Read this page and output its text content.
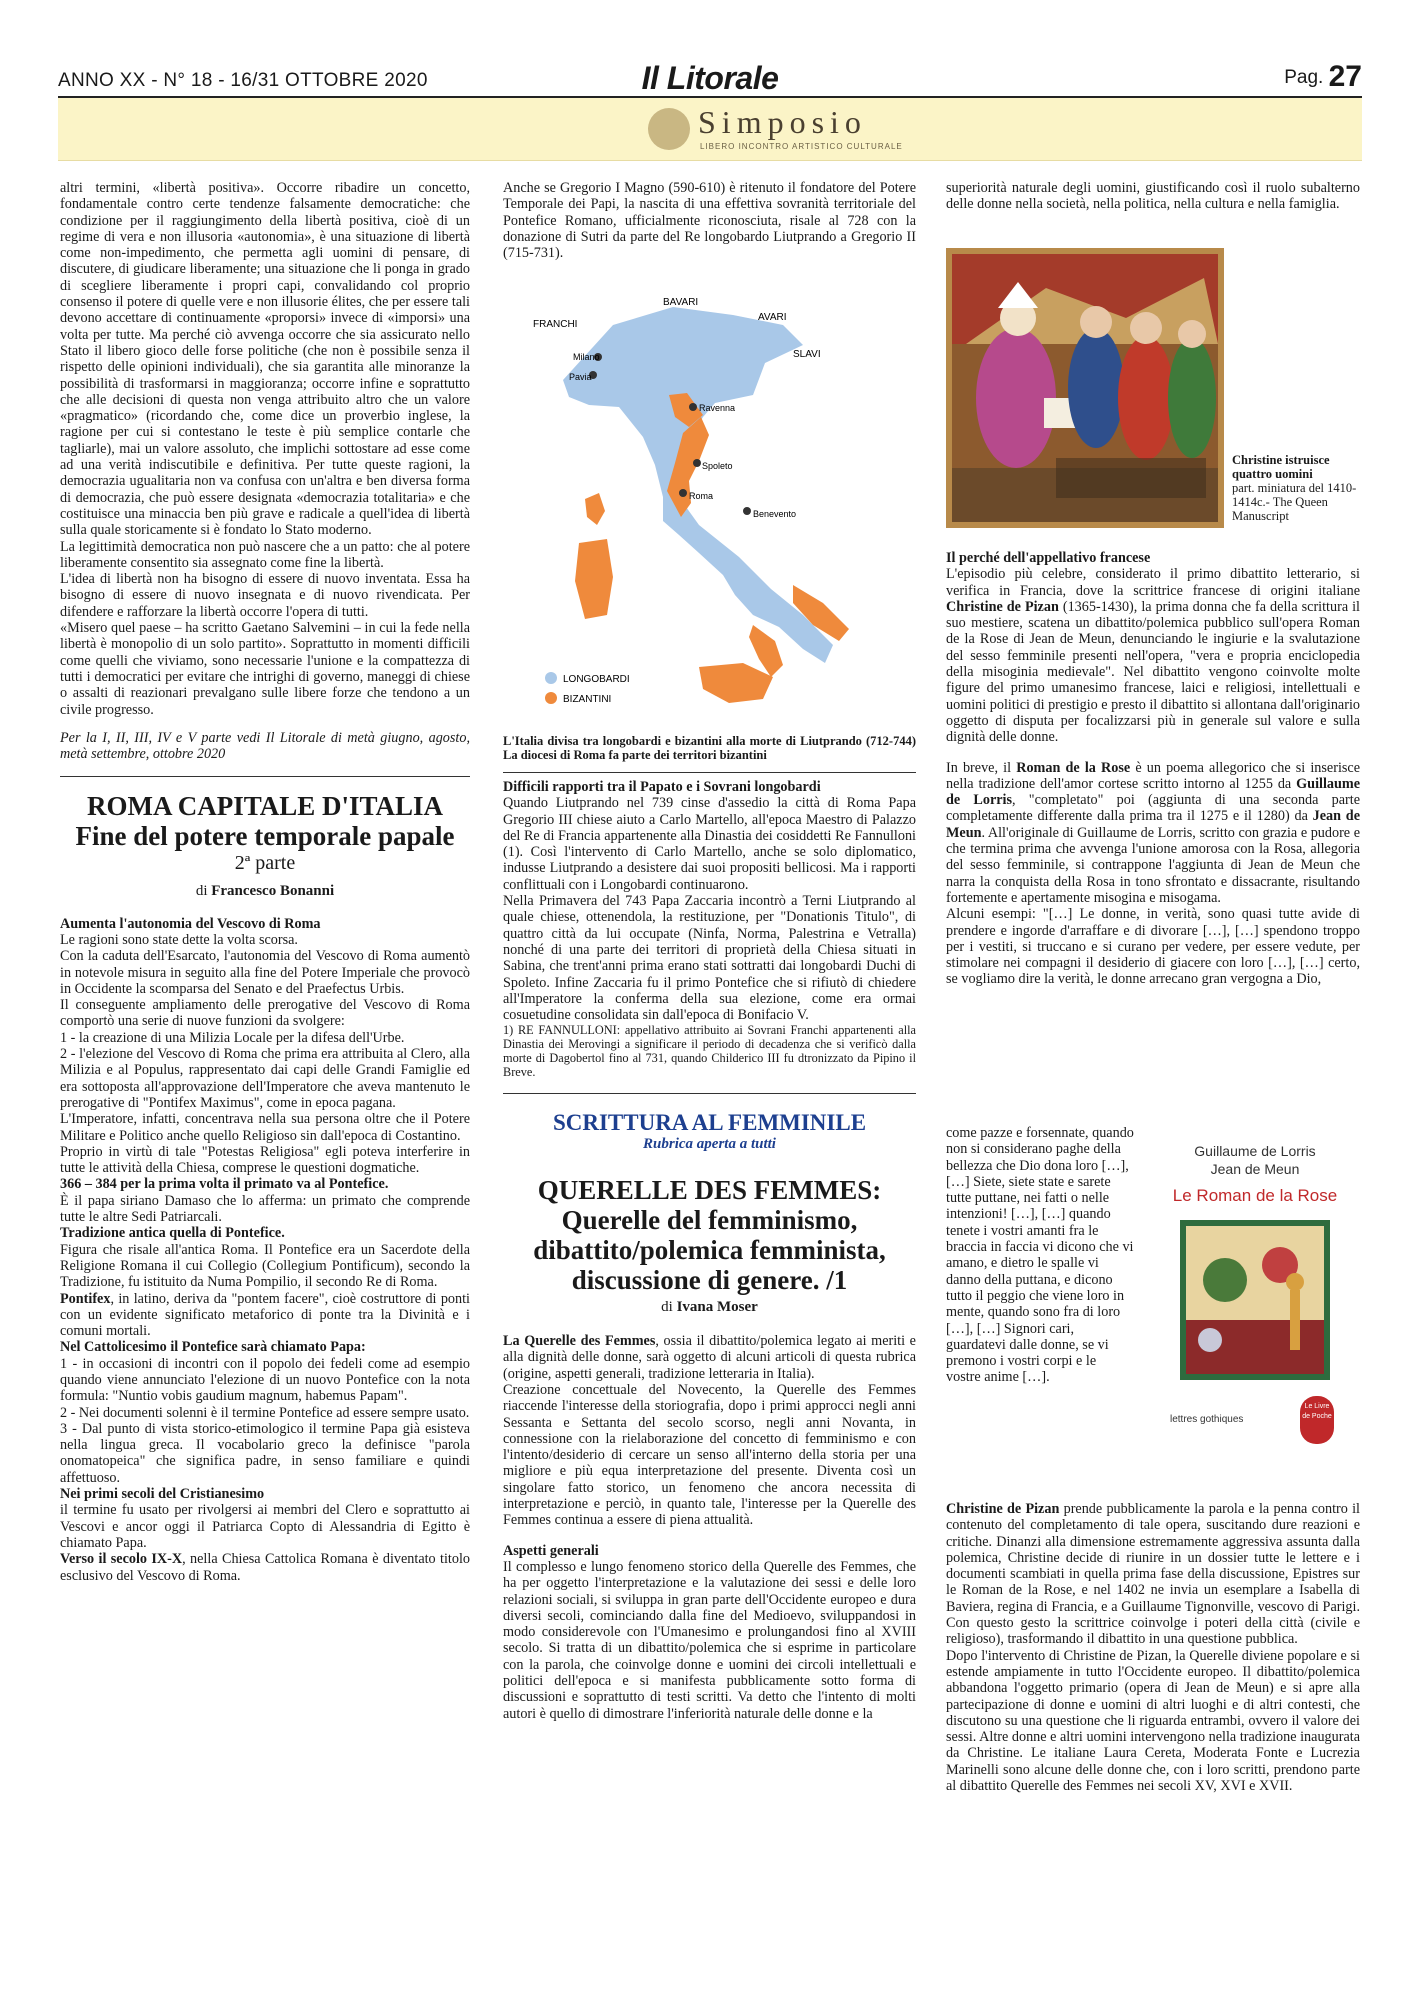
ANNO XX - N° 18 - 16/31 OTTOBRE 2020	Il Litorale	Pag. 27
Simposio
LIBERO INCONTRO ARTISTICO CULTURALE

altri termini, «libertà positiva». Occorre ribadire un concetto, fondamentale contro certe tendenze falsamente democratiche: che condizione per il raggiungimento della libertà positiva, cioè di un regime di vera e non illusoria «autonomia», è una situazione di libertà come non-impedimento, che permetta agli uomini di pensare, di discutere, di giudicare liberamente; una situazione che li ponga in grado di scegliere liberamente i propri capi, convalidando col proprio consenso il potere di quelle vere e non illusorie élites, che per essere tali devono accettare di continuamente «proporsi» invece di «imporsi» una volta per tutte. Ma perché ciò avvenga occorre che sia assicurato nello Stato il libero gioco delle forse politiche (che non è possibile senza il rispetto delle opinioni individuali), che sia garantita alle minoranze la possibilità di trasformarsi in maggioranza; occorre infine e soprattutto che alle decisioni di questa non venga attribuito altro che un valore «pragmatico» (ricordando che, come dice un proverbio inglese, la ragione per cui si contestano le teste è più semplice contarle che tagliarle), mai un valore assoluto, che implichi sottostare ad esse come ad una verità indiscutibile e definitiva. Per tutte queste ragioni, la democrazia ugualitaria non va confusa con un'altra e ben diversa forma di democrazia, che può essere designata «democrazia totalitaria» e che costituisce una minaccia ben più grave e radicale a quell'idea di libertà sulla quale storicamente si è fondato lo Stato moderno.

La legittimità democratica non può nascere che a un patto: che al potere liberamente consentito sia assegnato come fine la libertà.

L'idea di libertà non ha bisogno di essere di nuovo inventata. Essa ha bisogno di essere di nuovo insegnata e di nuovo rivendicata. Per difendere e rafforzare la libertà occorre l'opera di tutti.

«Misero quel paese – ha scritto Gaetano Salvemini – in cui la fede nella libertà è monopolio di un solo partito». Soprattutto in momenti difficili come quelli che viviamo, sono necessarie l'unione e la compattezza di tutti i democratici per evitare che intrighi di governo, maneggi di chiese o assalti di reazionari prevalgano sulle libere forze che tendono a un civile progresso.

Per la I, II, III, IV e V parte vedi Il Litorale di metà giugno, agosto, metà settembre, ottobre 2020

ROMA CAPITALE D'ITALIA
Fine del potere temporale papale
2ª parte
di Francesco Bonanni

Aumenta l'autonomia del Vescovo di Roma

Le ragioni sono state dette la volta scorsa.

Con la caduta dell'Esarcato, l'autonomia del Vescovo di Roma aumentò in notevole misura in seguito alla fine del Potere Imperiale che provocò in Occidente la scomparsa del Senato e del Praefectus Urbis.

Il conseguente ampliamento delle prerogative del Vescovo di Roma comportò una serie di nuove funzioni da svolgere:

1 - la creazione di una Milizia Locale per la difesa dell'Urbe.

2 - l'elezione del Vescovo di Roma che prima era attribuita al Clero, alla Milizia e al Populus, rappresentato dai capi delle Grandi Famiglie ed era sottoposta all'approvazione dell'Imperatore che aveva mantenuto le prerogative di "Pontifex Maximus", come in epoca pagana.

L'Imperatore, infatti, concentrava nella sua persona oltre che il Potere Militare e Politico anche quello Religioso sin dall'epoca di Costantino.

Proprio in virtù di tale "Potestas Religiosa" egli poteva interferire in tutte le attività della Chiesa, comprese le questioni dogmatiche.

366 – 384 per la prima volta il primato va al Pontefice.

È il papa siriano Damaso che lo afferma: un primato che comprende tutte le altre Sedi Patriarcali.

Tradizione antica quella di Pontefice.

Figura che risale all'antica Roma. Il Pontefice era un Sacerdote della Religione Romana il cui Collegio (Collegium Pontificum), secondo la Tradizione, fu istituito da Numa Pompilio, il secondo Re di Roma.

Pontifex, in latino, deriva da "pontem facere", cioè costruttore di ponti con un evidente significato metaforico di ponte tra la Divinità e i comuni mortali.

Nel Cattolicesimo il Pontefice sarà chiamato Papa:

1 - in occasioni di incontri con il popolo dei fedeli come ad esempio quando viene annunciato l'elezione di un nuovo Pontefice con la nota formula: "Nuntio vobis gaudium magnum, habemus Papam".

2 - Nei documenti solenni è il termine Pontefice ad essere sempre usato.

3 - Dal punto di vista storico-etimologico il termine Papa già esisteva nella lingua greca. Il vocabolario greco la definisce "parola onomatopeica" che significa padre, in senso familiare e quindi affettuoso.

Nei primi secoli del Cristianesimo

il termine fu usato per rivolgersi ai membri del Clero e soprattutto ai Vescovi e ancor oggi il Patriarca Copto di Alessandria di Egitto è chiamato Papa.

Verso il secolo IX-X, nella Chiesa Cattolica Romana è diventato titolo esclusivo del Vescovo di Roma.

Anche se Gregorio I Magno (590-610) è ritenuto il fondatore del Potere Temporale dei Papi, la nascita di una effettiva sovranità territoriale del Pontefice Romano, ufficialmente riconosciuta, risale al 728 con la donazione di Sutri da parte del Re longobardo Liutprando a Gregorio II (715-731).

BAVARI
AVARI
FRANCHI
SLAVI
Milano
Pavia
Ravenna
Spoleto
Roma
Benevento
LONGOBARDI
BIZANTINI

L'Italia divisa tra longobardi e bizantini alla morte di Liutprando (712-744) La diocesi di Roma fa parte dei territori bizantini

Difficili rapporti tra il Papato e i Sovrani longobardi

Quando Liutprando nel 739 cinse d'assedio la città di Roma Papa Gregorio III chiese aiuto a Carlo Martello, all'epoca Maestro di Palazzo del Re di Francia appartenente alla Dinastia dei cosiddetti Re Fannulloni (1). Così l'intervento di Carlo Martello, anche se solo diplomatico, indusse Liutprando a desistere dai suoi propositi bellicosi. Ma i rapporti conflittuali con i Longobardi continuarono.

Nella Primavera del 743 Papa Zaccaria incontrò a Terni Liutprando al quale chiese, ottenendola, la restituzione, per "Donationis Titulo", di quattro città da lui occupate (Ninfa, Norma, Palestrina e Vetralla) nonché di una parte dei territori di proprietà della Chiesa situati in Sabina, che trent'anni prima erano stati sottratti dai longobardi Duchi di Spoleto. Infine Zaccaria fu il primo Pontefice che si rifiutò di chiedere all'Imperatore la conferma della sua elezione, come era ormai cosuetudine consolidata sin dall'epoca di Bonifacio V.

1) RE FANNULLONI: appellativo attribuito ai Sovrani Franchi appartenenti alla Dinastia dei Merovingi a significare il periodo di decadenza che si verificò dalla morte di Dagobertol fino al 731, quando Childerico III fu dtronizzato da Pipino il Breve.

SCRITTURA AL FEMMINILE
Rubrica aperta a tutti
QUERELLE DES FEMMES:
Querelle del femminismo,
dibattito/polemica femminista,
discussione di genere. /1
di Ivana Moser

La Querelle des Femmes, ossia il dibattito/polemica legato ai meriti e alla dignità delle donne, sarà oggetto di alcuni articoli di questa rubrica (origine, aspetti generali, tradizione letteraria in Italia).

Creazione concettuale del Novecento, la Querelle des Femmes riaccende l'interesse della storiografia, dopo i primi approcci negli anni Sessanta e Settanta del secolo scorso, negli anni Novanta, in connessione con la rielaborazione del concetto di femminismo e con l'intento/desiderio di cercare un senso all'interno della storia per una migliore e più equa interpretazione del presente. Diventa così un singolare fatto storico, un fenomeno che ancora necessita di interpretazione e perciò, in quanto tale, l'interesse per la Querelle des Femmes continua a essere di piena attualità.

Aspetti generali

Il complesso e lungo fenomeno storico della Querelle des Femmes, che ha per oggetto l'interpretazione e la valutazione dei sessi e delle loro relazioni sociali, si sviluppa in gran parte dell'Occidente europeo e dura diversi secoli, cominciando dalla fine del Medioevo, sviluppandosi in modo considerevole con l'Umanesimo e prolungandosi fino al XVIII secolo. Si tratta di un dibattito/polemica che si esprime in particolare con la parola, che coinvolge donne e uomini dei circoli intellettuali e politici dell'epoca e si manifesta pubblicamente sotto forma di discussioni e soprattutto di testi scritti. Va detto che l'intento di molti autori è quello di dimostrare l'inferiorità naturale delle donne e la

superiorità naturale degli uomini, giustificando così il ruolo subalterno delle donne nella società, nella politica, nella cultura e nella famiglia.

Christine istruisce quattro uomini
part. miniatura del 1410-1414c.- The Queen Manuscript

Il perché dell'appellativo francese

L'episodio più celebre, considerato il primo dibattito letterario, si verifica in Francia, dove la scrittrice francese di origini italiane Christine de Pizan (1365-1430), la prima donna che fa della scrittura il suo mestiere, scatena un dibattito/polemica pubblico sull'opera Roman de la Rose di Jean de Meun, denunciando le ingiurie e la svalutazione del sesso femminile presenti nell'opera, "vera e propria enciclopedia della misoginia medievale". Nel dibattito vengono coinvolte molte figure del primo umanesimo francese, laici e religiosi, intellettuali e uomini politici di prestigio e presto il dibattito si allontana dall'originario oggetto di disputa per focalizzarsi più in generale sul valore e sulla dignità delle donne.

In breve, il Roman de la Rose è un poema allegorico che si inserisce nella tradizione dell'amor cortese scritto intorno al 1255 da Guillaume de Lorris, "completato" poi (aggiunta di una seconda parte completamente differente dalla prima tra il 1275 e il 1280) da Jean de Meun. All'originale di Guillaume de Lorris, scritto con grazia e pudore e che termina prima che avvenga l'unione amorosa con la Rosa, allegoria del sesso femminile, si contrappone l'aggiunta di Jean de Meun che narra la conquista della Rosa in tono sfrontato e dissacrante, risultando fortemente e apertamente misogina e misogama.

Alcuni esempi: "[…] Le donne, in verità, sono quasi tutte avide di prendere e ingorde d'arraffare e di divorare […], […] spendono troppo per i vestiti, si truccano e si curano per vedere, per essere vedute, per stimolare nei compagni il desiderio di giacere con loro […], […] certo, se vogliamo dire la verità, le donne arrecano gran vergogna a Dio,

come pazze e forsennate, quando non si considerano paghe della bellezza che Dio dona loro […], […] Siete, siete state e sarete tutte puttane, nei fatti o nelle intenzioni! […], […] quando tenete i vostri amanti fra le braccia in faccia vi dicono che vi amano, e dietro le spalle vi danno della puttana, e dicono tutto il peggio che viene loro in mente, quando sono fra di loro […], […] Signori cari, guardatevi dalle donne, se vi premono i vostri corpi e le vostre anime […].

Guillaume de Lorris
Jean de Meun
Le Roman de la Rose
lettres gothiques
Le Livre de Poche

Christine de Pizan prende pubblicamente la parola e la penna contro il contenuto del completamento di tale opera, suscitando dure reazioni e critiche. Dinanzi alla dimensione estremamente aggressiva assunta dalla polemica, Christine decide di riunire in un dossier tutte le lettere e i documenti scambiati in quella prima fase della discussione, Epistres sur le Roman de la Rose, e nel 1402 ne invia un esemplare a Isabella di Baviera, regina di Francia, e a Guillaume Tignonville, vescovo di Parigi. Con questo gesto la scrittrice coinvolge i poteri della città (civile e religioso), trasformando il dibattito in una questione pubblica.

Dopo l'intervento di Christine de Pizan, la Querelle diviene popolare e si estende ampiamente in tutto l'Occidente europeo. Il dibattito/polemica abbandona l'oggetto primario (opera di Jean de Meun) e si apre alla partecipazione di donne e uomini di altri luoghi e di altri contesti, che discutono su una questione che li riguarda entrambi, ovvero il valore dei sessi. Altre donne e altri uomini intervengono nella tradizione inaugurata da Christine. Le italiane Laura Cereta, Moderata Fonte e Lucrezia Marinelli sono alcune delle donne che, con i loro scritti, prendono parte al dibattito Querelle des Femmes nei secoli XV, XVI e XVII.
